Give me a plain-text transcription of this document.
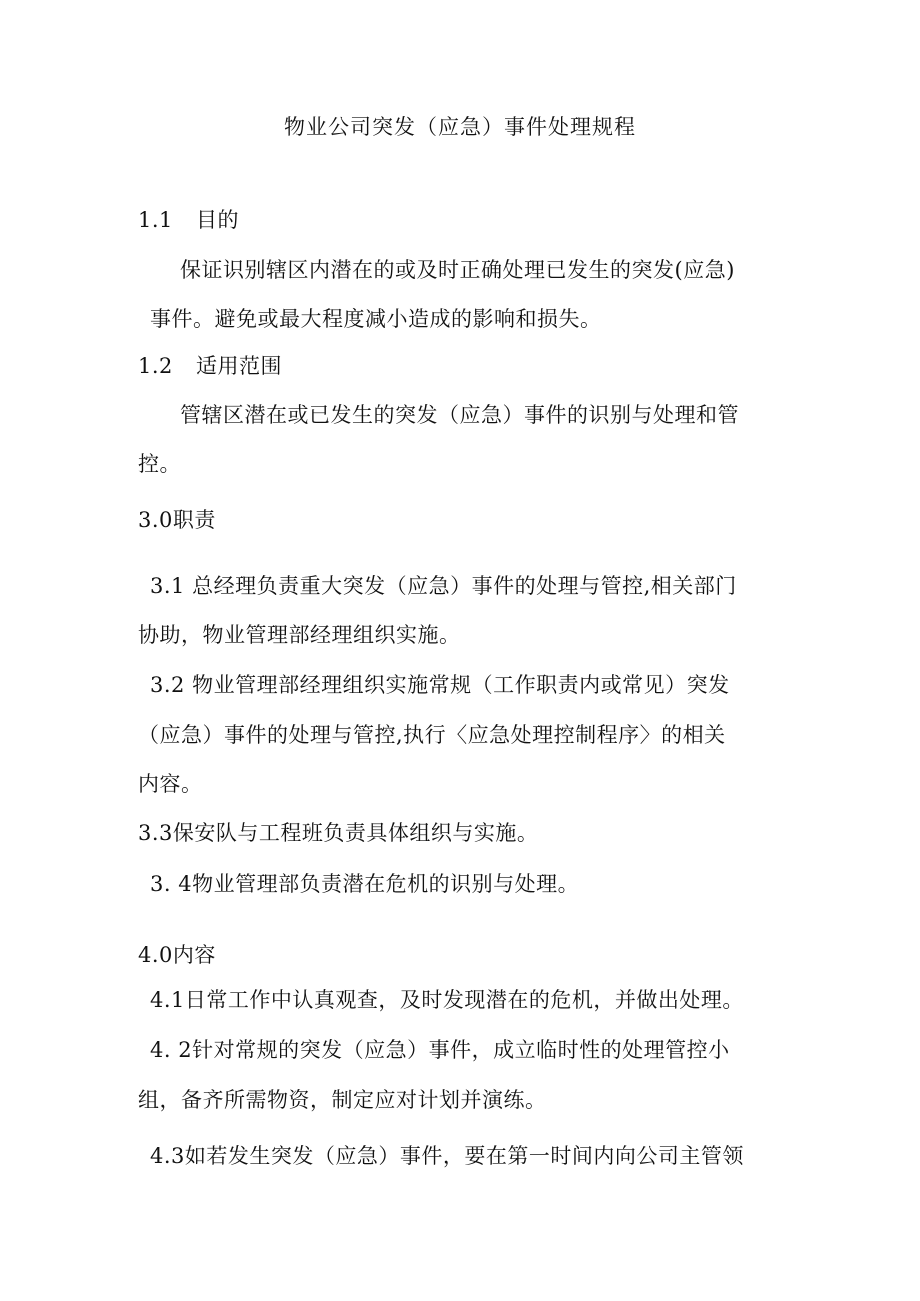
物业公司突发（应急）事件处理规程
1.1 目的
保证识别辖区内潜在的或及时正确处理已发生的突发(应急)
事件。避免或最大程度减小造成的影响和损失。
1.2 适用范围
管辖区潜在或已发生的突发（应急）事件的识别与处理和管
控。
3.0职责
3.1 总经理负责重大突发（应急）事件的处理与管控,相关部门
协助，物业管理部经理组织实施。
3.2 物业管理部经理组织实施常规（工作职责内或常见）突发
（应急）事件的处理与管控,执行〈应急处理控制程序〉的相关
内容。
3.3保安队与工程班负责具体组织与实施。
3. 4物业管理部负责潜在危机的识别与处理。
4.0内容
4.1日常工作中认真观查，及时发现潜在的危机，并做出处理。
4. 2针对常规的突发（应急）事件，成立临时性的处理管控小
组，备齐所需物资，制定应对计划并演练。
4.3如若发生突发（应急）事件，要在第一时间内向公司主管领
